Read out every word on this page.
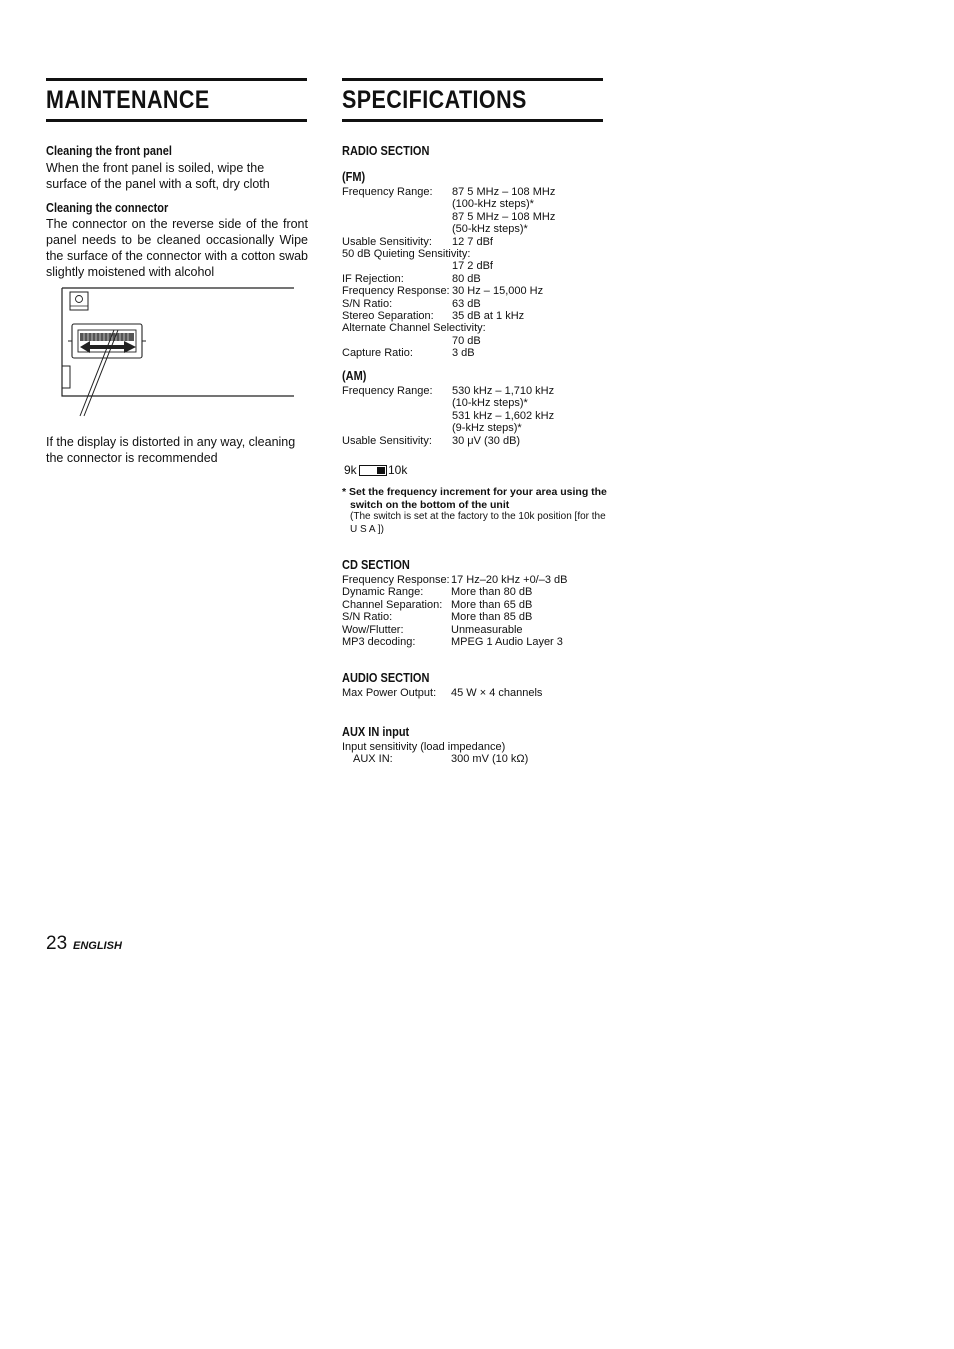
MAINTENANCE
Cleaning the front panel
When the front panel is soiled, wipe the surface of the panel with a soft, dry cloth
Cleaning the connector
The connector on the reverse side of the front panel needs to be cleaned occasionally Wipe the surface of the connector with a cotton swab slightly moistened with alcohol
If the display is distorted in any way, cleaning the connector is recommended
SPECIFICATIONS
RADIO SECTION
(FM)
Frequency Range: 87 5 MHz – 108 MHz
(100-kHz steps)*
87 5 MHz – 108 MHz
(50-kHz steps)*
Usable Sensitivity: 12 7 dBf
50 dB Quieting Sensitivity:
17 2 dBf
IF Rejection:	80 dB
Frequency Response: 30 Hz – 15,000 Hz
S/N Ratio:	63 dB
Stereo Separation: 35 dB at 1 kHz
Alternate Channel Selectivity:
70 dB
Capture Ratio:	3 dB
(AM)
Frequency Range: 530 kHz – 1,710 kHz
(10-kHz steps)*
531 kHz – 1,602 kHz
(9-kHz steps)*
Usable Sensitivity: 30 μV (30 dB)
9k	10k
* Set the frequency increment for your area using the switch on the bottom of the unit
(The switch is set at the factory to the 10k position [for the U S A ])
CD SECTION
Frequency Response: 17 Hz–20 kHz +0/–3 dB
Dynamic Range:	More than 80 dB
Channel Separation: More than 65 dB
S/N Ratio:	More than 85 dB
Wow/Flutter:	Unmeasurable
MP3 decoding:	MPEG 1 Audio Layer 3
AUDIO SECTION
Max Power Output: 45 W × 4 channels
AUX IN input
Input sensitivity (load impedance)
AUX IN:	300 mV (10 kΩ)
23 ENGLISH
